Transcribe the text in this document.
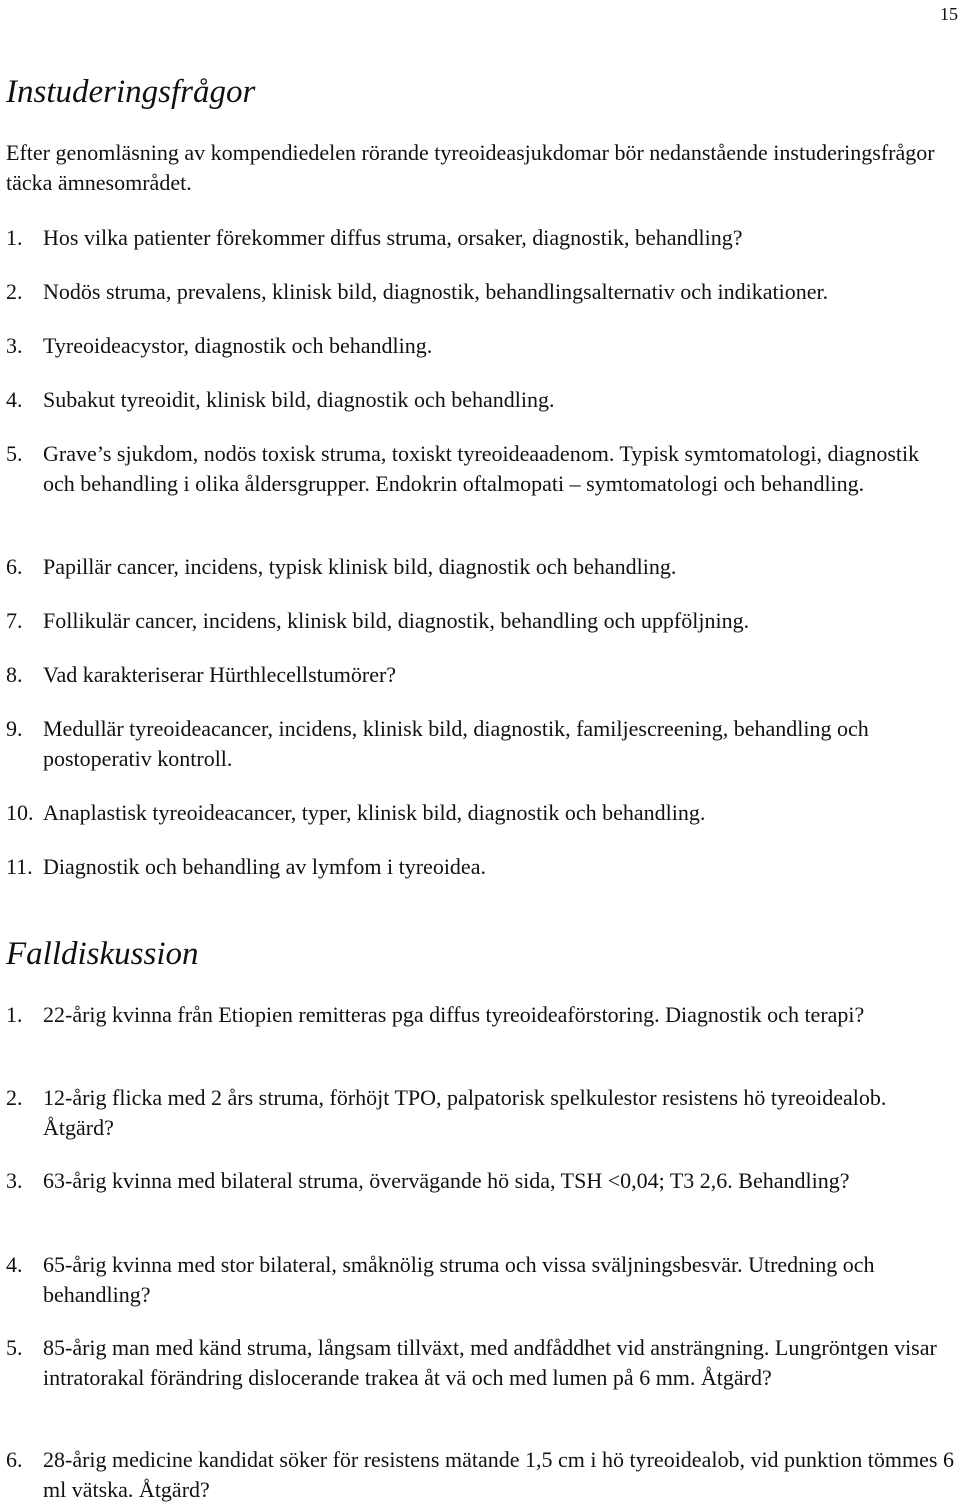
15
Instuderingsfrågor

Efter genomläsning av kompendiedelen rörande tyreoideasjukdomar bör nedanstående instuderingsfrågor täcka ämnesområdet.

1. Hos vilka patienter förekommer diffus struma, orsaker, diagnostik, behandling?
2. Nodös struma, prevalens, klinisk bild, diagnostik, behandlingsalternativ och indikationer.
3. Tyreoideacystor, diagnostik och behandling.
4. Subakut tyreoidit, klinisk bild, diagnostik och behandling.
5. Grave’s sjukdom, nodös toxisk struma, toxiskt tyreoideaadenom. Typisk symtomatologi, diagnostik och behandling i olika åldersgrupper. Endokrin oftalmopati – symtomatologi och behandling.
6. Papillär cancer, incidens, typisk klinisk bild, diagnostik och behandling.
7. Follikulär cancer, incidens, klinisk bild, diagnostik, behandling och uppföljning.
8. Vad karakteriserar Hürthlecellstumörer?
9. Medullär tyreoideacancer, incidens, klinisk bild, diagnostik, familjescreening, behandling och postoperativ kontroll.
10. Anaplastisk tyreoideacancer, typer, klinisk bild, diagnostik och behandling.
11. Diagnostik och behandling av lymfom i tyreoidea.
Falldiskussion
1. 22-årig kvinna från Etiopien remitteras pga diffus tyreoideaförstoring. Diagnostik och terapi?
2. 12-årig flicka med 2 års struma, förhöjt TPO, palpatorisk spelkulestor resistens hö tyreoidealob. Åtgärd?
3. 63-årig kvinna med bilateral struma, övervägande hö sida, TSH <0,04; T3 2,6. Behandling?
4. 65-årig kvinna med stor bilateral, småknölig struma och vissa sväljningsbesvär. Utredning och behandling?
5. 85-årig man med känd struma, långsam tillväxt, med andfåddhet vid ansträngning. Lungröntgen visar intratorakal förändring dislocerande trakea åt vä och med lumen på 6 mm. Åtgärd?
6. 28-årig medicine kandidat söker för resistens mätande 1,5 cm i hö tyreoidealob, vid punktion tömmes 6 ml vätska. Åtgärd?
